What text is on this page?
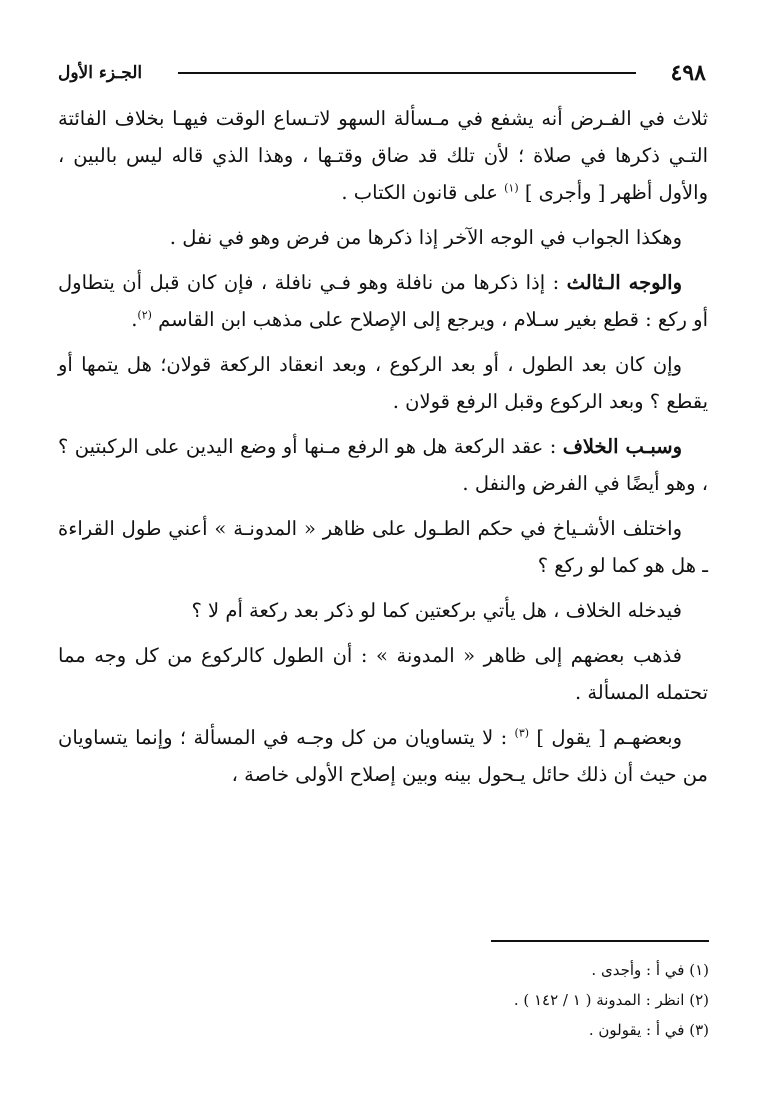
٤٩٨
الجـزء الأول

ثلاث في الفـرض أنه يشفع في مـسألة السهو لاتـساع الوقت فيهـا بخلاف الفائتة التـي ذكرها في صلاة ؛ لأن تلك قد ضاق وقتـها ، وهذا الذي قاله ليس بالبين ، والأول أظهر [ وأجرى ] $^{(١)}$ على قانون الكتاب .

وهكذا الجواب في الوجه الآخر إذا ذكرها من فرض وهو في نفل .

والوجه الـثالث : إذا ذكرها من نافلة وهو فـي نافلة ، فإن كان قبل أن يتطاول أو ركع : قطع بغير سـلام ، ويرجع إلى الإصلاح على مذهب ابن القاسم $^{(٢)}$.

وإن كان بعد الطول ، أو بعد الركوع ، وبعد انعقاد الركعة قولان؛ هل يتمها أو يقطع ؟ وبعد الركوع وقبل الرفع قولان .

وسبـب الخلاف : عقد الركعة هل هو الرفع مـنها أو وضع اليدين على الركبتين ؟ ، وهو أيضًا في الفرض والنفل .

واختلف الأشـياخ في حكم الطـول على ظاهر « المدونـة » أعني طول القراءة ـ هل هو كما لو ركع ؟

فيدخله الخلاف ، هل يأتي بركعتين كما لو ذكر بعد ركعة أم لا ؟

فذهب بعضهم إلى ظاهر « المدونة » : أن الطول كالركوع من كل وجه مما تحتمله المسألة .

وبعضهـم [ يقول ] $^{(٣)}$ : لا يتساويان من كل وجـه في المسألة ؛ وإنما يتساويان من حيث أن ذلك حائل يـحول بينه وبين إصلاح الأولى خاصة ،

(١) في أ : وأجدى .

(٢) انظر : المدونة ( ١ / ١٤٢ ) .

(٣) في أ : يقولون .
